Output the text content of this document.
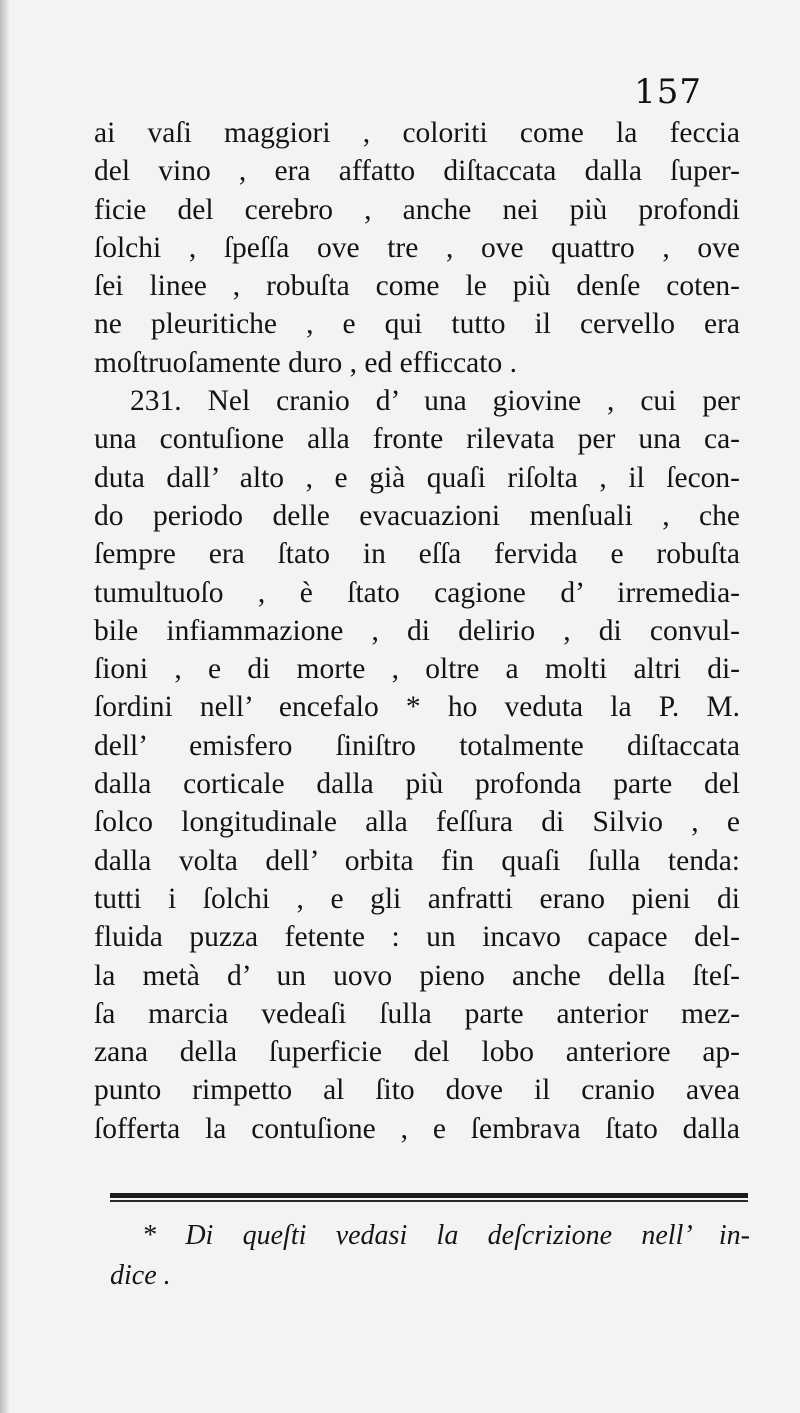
157
ai vaſi maggiori , coloriti come la feccia
del vino , era affatto diſtaccata dalla ſuper-
ficie del cerebro , anche nei più profondi
ſolchi , ſpeſſa ove tre , ove quattro , ove
ſei linee , robuſta come le più denſe coten-
ne pleuritiche , e qui tutto il cervello era
moſtruoſamente duro , ed efficcato .
231. Nel cranio d’ una giovine , cui per
una contuſione alla fronte rilevata per una ca-
duta dall’ alto , e già quaſi riſolta , il ſecon-
do periodo delle evacuazioni menſuali , che
ſempre era ſtato in eſſa fervida e robuſta
tumultuoſo , è ſtato cagione d’ irremedia-
bile infiammazione , di delirio , di convul-
ſioni , e di morte , oltre a molti altri di-
ſordini nell’ encefalo * ho veduta la P. M.
dell’ emisfero ſiniſtro totalmente diſtaccata
dalla corticale dalla più profonda parte del
ſolco longitudinale alla feſſura di Silvio , e
dalla volta dell’ orbita fin quaſi ſulla tenda:
tutti i ſolchi , e gli anfratti erano pieni di
fluida puzza fetente : un incavo capace del-
la metà d’ un uovo pieno anche della ſteſ-
ſa marcia vedeaſi ſulla parte anterior mez-
zana della ſuperficie del lobo anteriore ap-
punto rimpetto al ſito dove il cranio avea
ſofferta la contuſione , e ſembrava ſtato dalla
* Di queſti vedasi la deſcrizione nell’ in-
dice .
